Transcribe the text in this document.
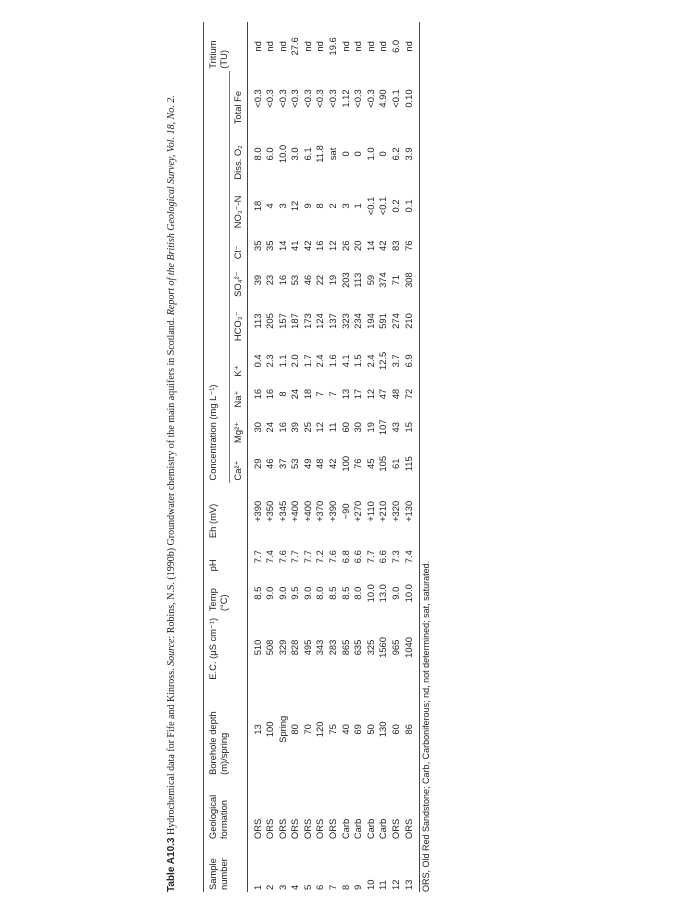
Table A10.3 Hydrochemical data for Fife and Kinross. Source: Robins, N.S. (1990b) Groundwater chemistry of the main aquifers in Scotland. Report of the British Geological Survey, Vol. 18, No. 2.
Sample number	Geological formation	Borehole depth (m)/spring	E.C. (μS cm⁻¹)	Temp (°C)	pH	Eh (mV)	Concentration (mg L⁻¹)										Tritium (TU)
							Ca²⁺	Mg²⁺	Na⁺	K⁺	HCO₃⁻	SO₄²⁻	Cl⁻	NO₃⁻-N	Diss. O₂	Total Fe	
1	ORS	13	510	8.5	7.7	+390	29	30	16	0.4	113	39	35	18	8.0	<0.3	nd
2	ORS	100	508	9.0	7.4	+350	46	24	16	2.3	205	23	35	4	6.0	<0.3	nd
3	ORS	Spring	329	9.0	7.6	+345	37	16	8	1.1	157	16	14	3	10.0	<0.3	nd
4	ORS	80	828	9.5	7.7	+400	53	39	24	2.0	187	53	41	12	3.0	<0.3	27.6
5	ORS	70	495	9.0	7.7	+400	49	25	18	1.7	173	46	42	9	6.1	<0.3	nd
6	ORS	120	343	8.0	7.2	+370	48	12	7	2.4	124	22	16	8	11.8	<0.3	nd
7	ORS	75	283	8.5	7.6	+390	42	11	7	1.6	137	19	12	2	sat	<0.3	19.6
8	Carb	40	865	8.5	6.8	−90	100	60	13	4.1	323	203	26	3	0	1.12	nd
9	Carb	69	635	8.0	6.6	+270	76	30	17	1.5	234	113	20	1	0	<0.3	nd
10	Carb	50	325	10.0	7.7	+110	45	19	12	2.4	194	59	14	<0.1	1.0	<0.3	nd
11	Carb	130	1560	13.0	6.6	+210	105	107	47	12.5	591	374	42	<0.1	0	4.90	nd
12	ORS	60	965	9.0	7.3	+320	61	43	48	3.7	274	71	83	0.2	6.2	<0.1	6.0
13	ORS	86	1040	10.0	7.4	+130	115	15	72	6.9	210	308	76	0.1	3.9	0.10	nd
ORS, Old Red Sandstone; Carb, Carboniferous; nd, not determined; sat, saturated.
